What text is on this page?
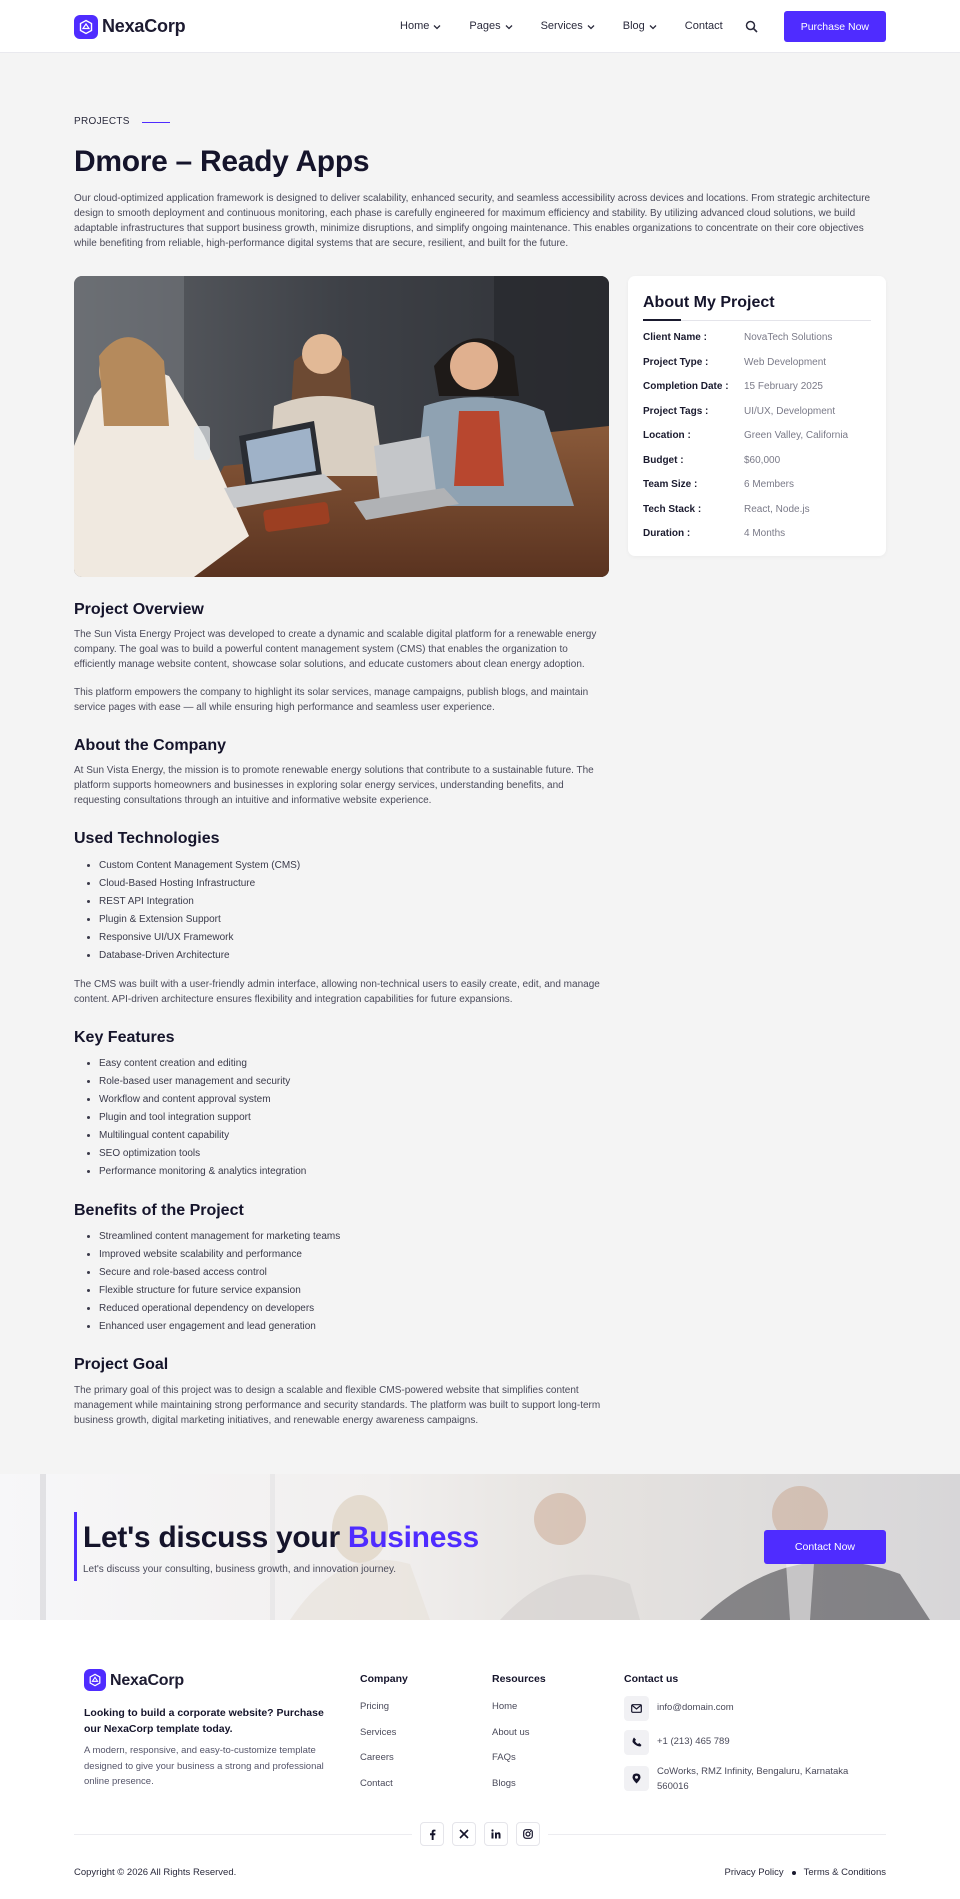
NexaCorp	Home	Pages	Services	Blog	Contact	Purchase Now
PROJECTS
Dmore – Ready Apps

Our cloud-optimized application framework is designed to deliver scalability, enhanced security, and seamless accessibility across devices and locations. From strategic architecture design to smooth deployment and continuous monitoring, each phase is carefully engineered for maximum efficiency and stability. By utilizing advanced cloud solutions, we build adaptable infrastructures that support business growth, minimize disruptions, and simplify ongoing maintenance. This enables organizations to concentrate on their core objectives while benefiting from reliable, high-performance digital systems that are secure, resilient, and built for the future.

Project Overview

The Sun Vista Energy Project was developed to create a dynamic and scalable digital platform for a renewable energy company. The goal was to build a powerful content management system (CMS) that enables the organization to efficiently manage website content, showcase solar solutions, and educate customers about clean energy adoption.

This platform empowers the company to highlight its solar services, manage campaigns, publish blogs, and maintain service pages with ease — all while ensuring high performance and seamless user experience.

About the Company

At Sun Vista Energy, the mission is to promote renewable energy solutions that contribute to a sustainable future. The platform supports homeowners and businesses in exploring solar energy services, understanding benefits, and requesting consultations through an intuitive and informative website experience.

Used Technologies
• Custom Content Management System (CMS)
• Cloud-Based Hosting Infrastructure
• REST API Integration
• Plugin & Extension Support
• Responsive UI/UX Framework
• Database-Driven Architecture

The CMS was built with a user-friendly admin interface, allowing non-technical users to easily create, edit, and manage content. API-driven architecture ensures flexibility and integration capabilities for future expansions.

Key Features
• Easy content creation and editing
• Role-based user management and security
• Workflow and content approval system
• Plugin and tool integration support
• Multilingual content capability
• SEO optimization tools
• Performance monitoring & analytics integration
Benefits of the Project
• Streamlined content management for marketing teams
• Improved website scalability and performance
• Secure and role-based access control
• Flexible structure for future service expansion
• Reduced operational dependency on developers
• Enhanced user engagement and lead generation
Project Goal

The primary goal of this project was to design a scalable and flexible CMS-powered website that simplifies content management while maintaining strong performance and security standards. The platform was built to support long-term business growth, digital marketing initiatives, and renewable energy awareness campaigns.

About My Project
Client Name :	NovaTech Solutions
Project Type :	Web Development
Completion Date :	15 February 2025
Project Tags :	UI/UX, Development
Location :	Green Valley, California
Budget :	$60,000
Team Size :	6 Members
Tech Stack :	React, Node.js
Duration :	4 Months
Let's discuss your Business

Let's discuss your consulting, business growth, and innovation journey.

Contact Now
NexaCorp

Looking to build a corporate website? Purchase our NexaCorp template today.

A modern, responsive, and easy-to-customize template designed to give your business a strong and professional online presence.

Company
Pricing
Services
Careers
Contact
Resources
Home
About us
FAQs
Blogs
Contact us
info@domain.com
+1 (213) 465 789
CoWorks, RMZ Infinity, Bengaluru, Karnataka 560016
Copyright © 2026 All Rights Reserved.	Privacy Policy Terms & Conditions
